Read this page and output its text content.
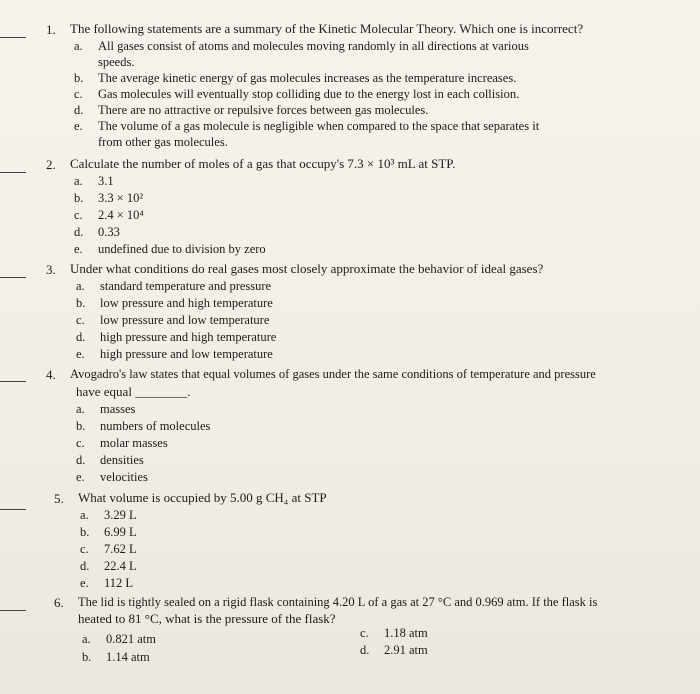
1. The following statements are a summary of the Kinetic Molecular Theory. Which one is incorrect?
a. All gases consist of atoms and molecules moving randomly in all directions at various
speeds.
b. The average kinetic energy of gas molecules increases as the temperature increases.
c. Gas molecules will eventually stop colliding due to the energy lost in each collision.
d. There are no attractive or repulsive forces between gas molecules.
e. The volume of a gas molecule is negligible when compared to the space that separates it
from other gas molecules.
2. Calculate the number of moles of a gas that occupy's 7.3 × 10³ mL at STP.
a. 3.1
b. 3.3 × 10²
c. 2.4 × 10⁴
d. 0.33
e. undefined due to division by zero
3. Under what conditions do real gases most closely approximate the behavior of ideal gases?
a. standard temperature and pressure
b. low pressure and high temperature
c. low pressure and low temperature
d. high pressure and high temperature
e. high pressure and low temperature
4. Avogadro's law states that equal volumes of gases under the same conditions of temperature and pressure
have equal ________.
a. masses
b. numbers of molecules
c. molar masses
d. densities
e. velocities
5. What volume is occupied by 5.00 g CH₄ at STP
a. 3.29 L
b. 6.99 L
c. 7.62 L
d. 22.4 L
e. 112 L
6. The lid is tightly sealed on a rigid flask containing 4.20 L of a gas at 27 °C and 0.969 atm. If the flask is
heated to 81 °C, what is the pressure of the flask?
a. 0.821 atm
b. 1.14 atm
c. 1.18 atm
d. 2.91 atm
